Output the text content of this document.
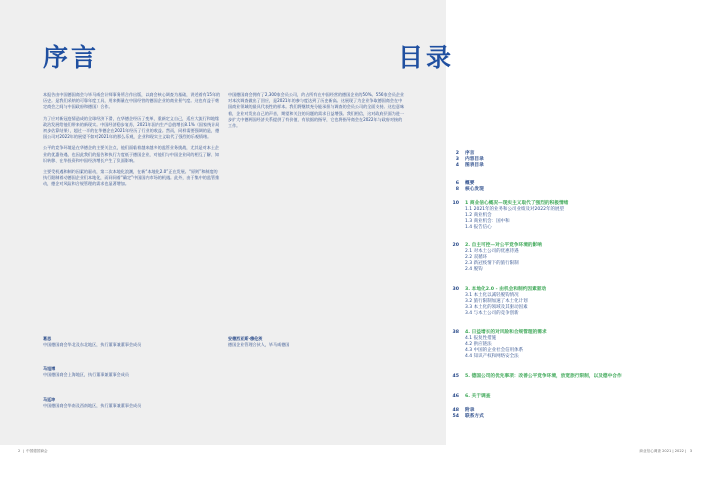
序言	目录

本报告由中国德国商会与毕马威会计师事务所合作出版，以商会核心调查为基础，讲述着有15年的历史。是我们采纳的可靠年度工具，用来衡量在中国经营的德国企业的商业景气度。这也有益于奠定商会之间与中国政府和德国）合作。

为了应对新冠疫情造成的全球经济下滑，在华德企经历了变革，重新定义自己，适应大流行和地缘政治发展给他们带来的新现实。中国经济稳步复苏，2021年国内生产总值增长8.1%（国家统计局初步估算结果），超过一半的在华德企在2021年经历了行业的收益。然而，同样需要强调的是，德国公司对2022年的展望不如对2021年的那么乐观，企业和现实主义取代了强烈的乐观情绪。

公平的竞争环境是在华德企的主要关注点，他们面临着越来越多的监管业务挑战，尤其是对本土企业的优惠待遇，也因此我们的报告和执行力度低于德国企业，对他们与中国企业同的相互了解、知识转移、在华投资和中国经济增长产生了负面影响。

主要受机遇和制约因素的驱动，第二次本地化浪潮，在新“本地化2.0”正在发展。“原则”和制度的执行限制着动德国企业们本地化，而同同着“确定”中国国内市场的机遇。此外，由于集中的监管推动，德企对风险和合规管理的需求也显著增加。

中国德国商会拥有了2,300家会员公司，约占所有在中国经营的德国企业的50%。556家会员企业对本次调查做出了回应，是2021年的参与度达到了历史新高。这展现了为企业争取德国商会在中国商业领域的最具代表性的样本。我们将继续充分能承担与调查的会员公司的全面支持。这也意味着，企业对发出自己的声音，期望和关注的问题的需求日益增强。我们相信，这对政府层面为进一步扩大中德两国经济关系提供了有价值、有依据的指导，它也将指导商会在2022年与政府对接的工作。

葛思
中国德国商会华北及东北地区，执行董事兼董事会成员
马旭博
中国德国商会上海地区，执行董事兼董事会成员
马廷坤
中国德国商会华南及西南地区，执行董事兼董事会成员
安德烈亚斯·穆伦茨
德国企业管理合伙人，毕马威德国
2 序言
3 内容目录
4 图表目录
6 概要
8 核心发现
10 1 商业信心概况—现实主义取代了强烈的积极情绪
1.1 2021年的业务和公司业绩及对2022年的展望
1.2 商业机会
1.3 商业机会：国中和
1.4 报告信心
20 2. 自主可控—对公平竞争环境的影响
2.1 对本土公司的优惠待遇
2.2 双循环
2.3 新冠疫情下的旅行限制
2.4 脱钩
30 3. 本地化2.0 - 由机会和制约因素驱动
3.1 本土化以减轻脱钩情况
3.2 旅行限制加速了本土化计划
3.3 本土化的领域及其驱动因素
3.4 与本土公司的竞争创新
38 4. 日益增长的对风险和合规管理的需求
4.1 报复性措施
4.2 供应链法
4.3 中国的企业社会信用体系
4.4 知识产权和网络安全法
45 5. 德国公司的优先事项：改善公平竞争环境，放宽旅行限制，以及德中合作
46 6. 关于调查
48 附录
54 联系方式
2  |  中国德国商会	商业信心调查 2021 | 2022 |   3
